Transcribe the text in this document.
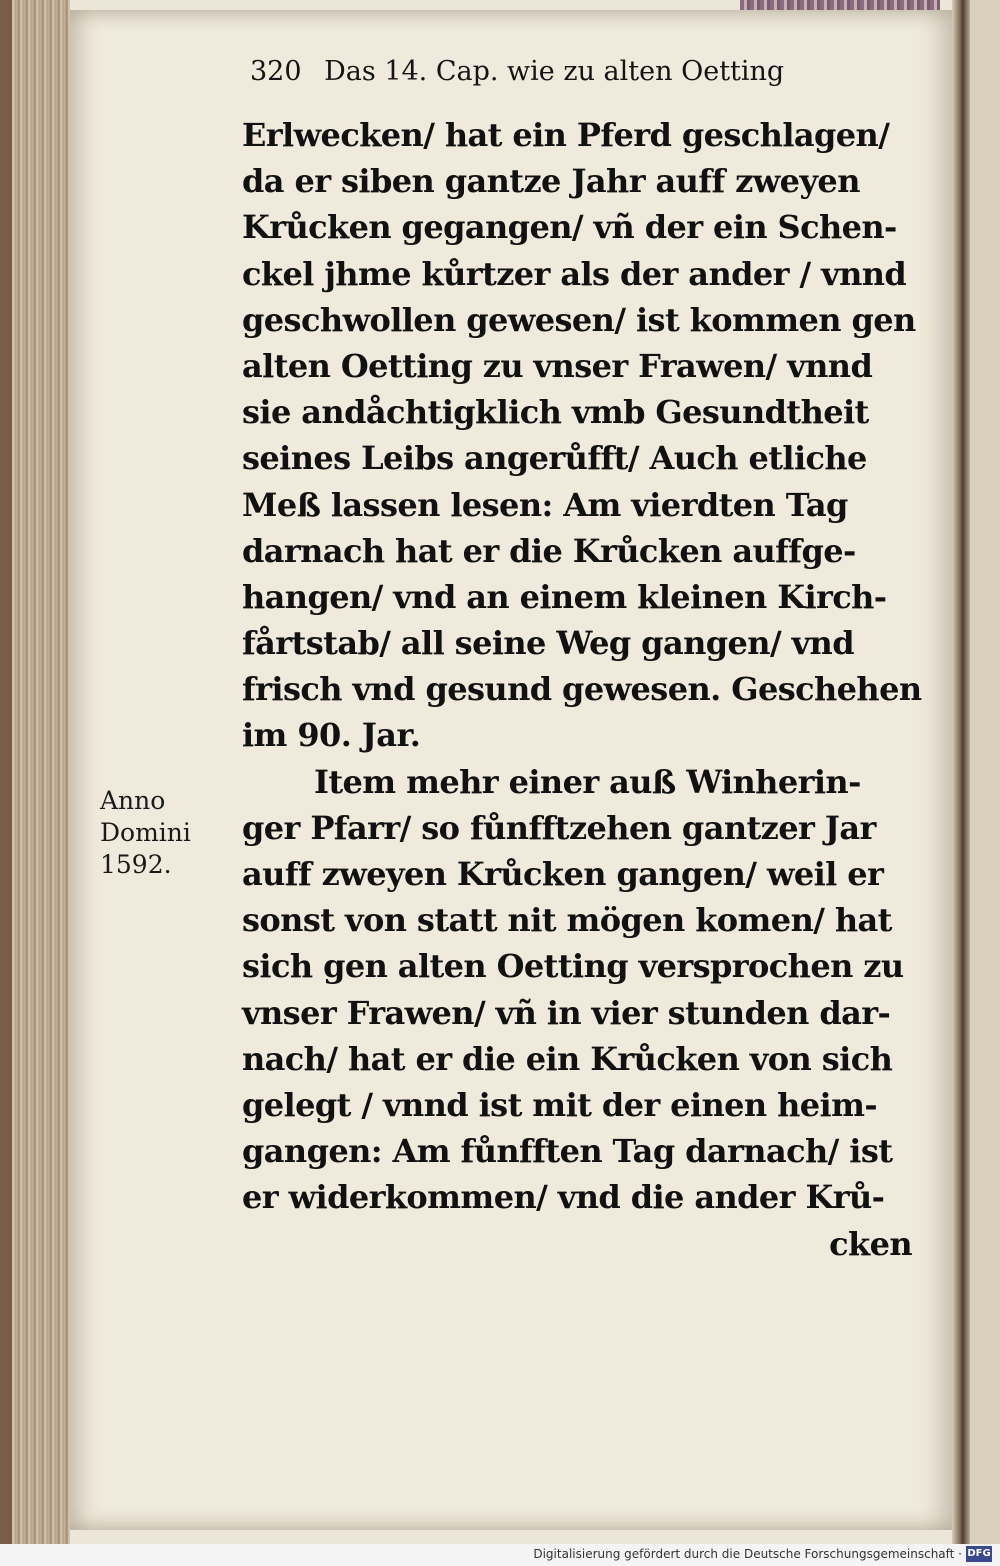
320 Das 14. Cap. wie zu alten Oetting
Anno
Domini
1592.
Erlwecken/ hat ein Pferd geschlagen/
da er siben gantze Jahr auff zweyen
Krůcken gegangen/ vñ der ein Schen-
ckel jhme kůrtzer als der ander / vnnd
geschwollen gewesen/ ist kommen gen
alten Oetting zu vnser Frawen/ vnnd
sie andåchtigklich vmb Gesundtheit
seines Leibs angerůfft/ Auch etliche
Meß lassen lesen: Am vierdten Tag
darnach hat er die Krůcken auffge-
hangen/ vnd an einem kleinen Kirch-
fårtstab/ all seine Weg gangen/ vnd
frisch vnd gesund gewesen. Geschehen
im 90. Jar.
Item mehr einer auß Winherin-
ger Pfarr/ so fůnfftzehen gantzer Jar
auff zweyen Krůcken gangen/ weil er
sonst von statt nit mögen komen/ hat
sich gen alten Oetting versprochen zu
vnser Frawen/ vñ in vier stunden dar-
nach/ hat er die ein Krůcken von sich
gelegt / vnnd ist mit der einen heim-
gangen: Am fůnfften Tag darnach/ ist
er widerkommen/ vnd die ander Krů-
cken
Digitalisierung gefördert durch die Deutsche Forschungsgemeinschaft · DFG
